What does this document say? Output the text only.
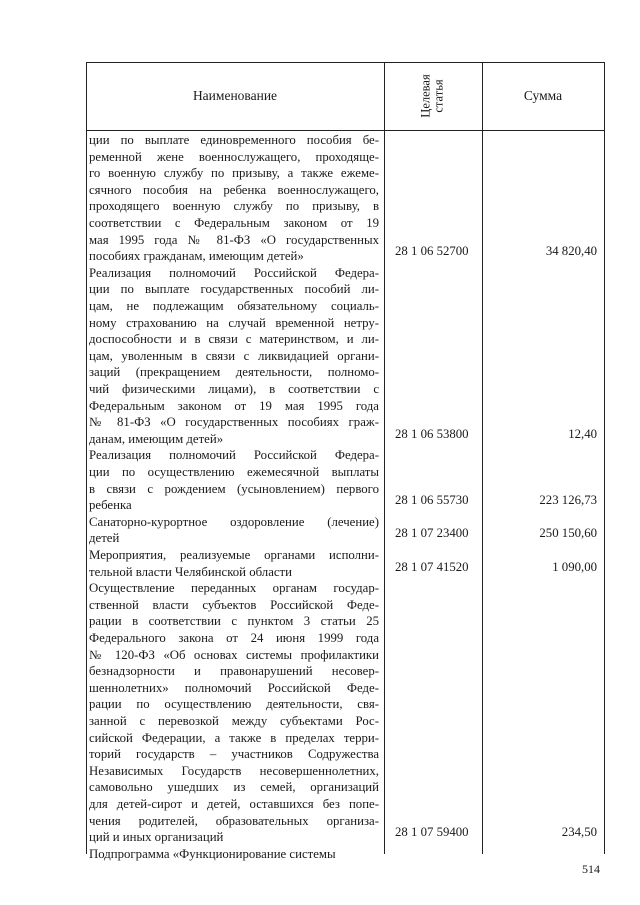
Наименование	Целевая статья	Сумма
ции по выплате единовременного пособия бе-
ременной жене военнослужащего, проходяще-
го военную службу по призыву, а также ежеме-
сячного пособия на ребенка военнослужащего,
проходящего военную службу по призыву, в
соответствии с Федеральным законом от 19
мая 1995 года № 81-ФЗ «О государственных
пособиях гражданам, имеющим детей»	28 1 06 52700	34 820,40
Реализация полномочий Российской Федера-
ции по выплате государственных пособий ли-
цам, не подлежащим обязательному социаль-
ному страхованию на случай временной нетру-
доспособности и в связи с материнством, и ли-
цам, уволенным в связи с ликвидацией органи-
заций (прекращением деятельности, полномо-
чий физическими лицами), в соответствии с
Федеральным законом от 19 мая 1995 года
№ 81-ФЗ «О государственных пособиях граж-
данам, имеющим детей»	28 1 06 53800	12,40
Реализация полномочий Российской Федера-
ции по осуществлению ежемесячной выплаты
в связи с рождением (усыновлением) первого
ребенка	28 1 06 55730	223 126,73
Санаторно-курортное оздоровление (лечение)
детей	28 1 07 23400	250 150,60
Мероприятия, реализуемые органами исполни-
тельной власти Челябинской области	28 1 07 41520	1 090,00
Осуществление переданных органам государ-
ственной власти субъектов Российской Феде-
рации в соответствии с пунктом 3 статьи 25
Федерального закона от 24 июня 1999 года
№ 120-ФЗ «Об основах системы профилактики
безнадзорности и правонарушений несовер-
шеннолетних» полномочий Российской Феде-
рации по осуществлению деятельности, свя-
занной с перевозкой между субъектами Рос-
сийской Федерации, а также в пределах терри-
торий государств – участников Содружества
Независимых Государств несовершеннолетних,
самовольно ушедших из семей, организаций
для детей-сирот и детей, оставшихся без попе-
чения родителей, образовательных организа-
ций и иных организаций	28 1 07 59400	234,50
Подпрограмма «Функционирование системы
514
